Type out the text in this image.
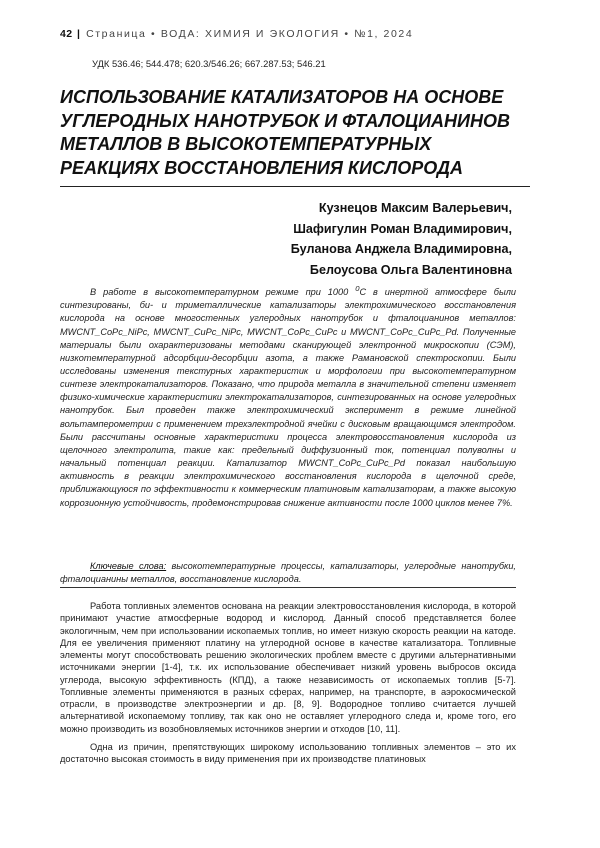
42 | Страница • ВОДА: ХИМИЯ И ЭКОЛОГИЯ • №1, 2024
УДК 536.46; 544.478; 620.3/546.26; 667.287.53; 546.21
ИСПОЛЬЗОВАНИЕ КАТАЛИЗАТОРОВ НА ОСНОВЕ УГЛЕРОДНЫХ НАНОТРУБОК И ФТАЛОЦИАНИНОВ МЕТАЛЛОВ В ВЫСОКОТЕМПЕРАТУРНЫХ РЕАКЦИЯХ ВОССТАНОВЛЕНИЯ КИСЛОРОДА
Кузнецов Максим Валерьевич,
Шафигулин Роман Владимирович,
Буланова Анджела Владимировна,
Белоусова Ольга Валентиновна

В работе в высокотемпературном режиме при 1000 $^0$С в инертной атмосфере были синтезированы, би- и триметаллические катализаторы электрохимического восстановления кислорода на основе многостенных углеродных нанотрубок и фталоцианинов металлов: MWCNT_CoPc_NiPc, MWCNT_CuPc_NiPc, MWCNT_CoPc_CuPc и MWCNT_CoPc_CuPc_Pd. Полученные материалы были охарактеризованы методами сканирующей электронной микроскопии (СЭМ), низкотемпературной адсорбции-десорбции азота, а также Рамановской спектроскопии. Были исследованы изменения текстурных характеристик и морфологии при высокотемпературном синтезе электрокатализаторов. Показано, что природа металла в значительной степени изменяет физико-химические характеристики электрокатализаторов, синтезированных на основе углеродных нанотрубок. Был проведен также электрохимический эксперимент в режиме линейной вольтамперометрии с применением трехэлектродной ячейки с дисковым вращающимся электродом. Были рассчитаны основные характеристики процесса электровосстановления кислорода из щелочного электролита, такие как: предельный диффузионный ток, потенциал полуволны и начальный потенциал реакции. Катализатор MWCNT_CoPc_CuPc_Pd показал наибольшую активность в реакции электрохимического восстановления кислорода в щелочной среде, приближающуюся по эффективности к коммерческим платиновым катализаторам, а также высокую коррозионную устойчивость, продемонстрировав снижение активности после 1000 циклов менее 7%.

Ключевые слова: высокотемпературные процессы, катализаторы, углеродные нанотрубки, фталоцианины металлов, восстановление кислорода.

Работа топливных элементов основана на реакции электровосстановления кислорода, в которой принимают участие атмосферные водород и кислород. Данный способ представляется более экологичным, чем при использовании ископаемых топлив, но имеет низкую скорость реакции на катоде. Для ее увеличения применяют платину на углеродной основе в качестве катализатора. Топливные элементы могут способствовать решению экологических проблем вместе с другими альтернативными источниками энергии [1-4], т.к. их использование обеспечивает низкий уровень выбросов оксида углерода, высокую эффективность (КПД), а также независимость от ископаемых топлив [5-7]. Топливные элементы применяются в разных сферах, например, на транспорте, в аэрокосмической отрасли, в производстве электроэнергии и др. [8, 9]. Водородное топливо считается лучшей альтернативой ископаемому топливу, так как оно не оставляет углеродного следа и, кроме того, его можно производить из возобновляемых источников энергии и отходов [10, 11].

Одна из причин, препятствующих широкому использованию топливных элементов – это их достаточно высокая стоимость в виду применения при их производстве платиновых
